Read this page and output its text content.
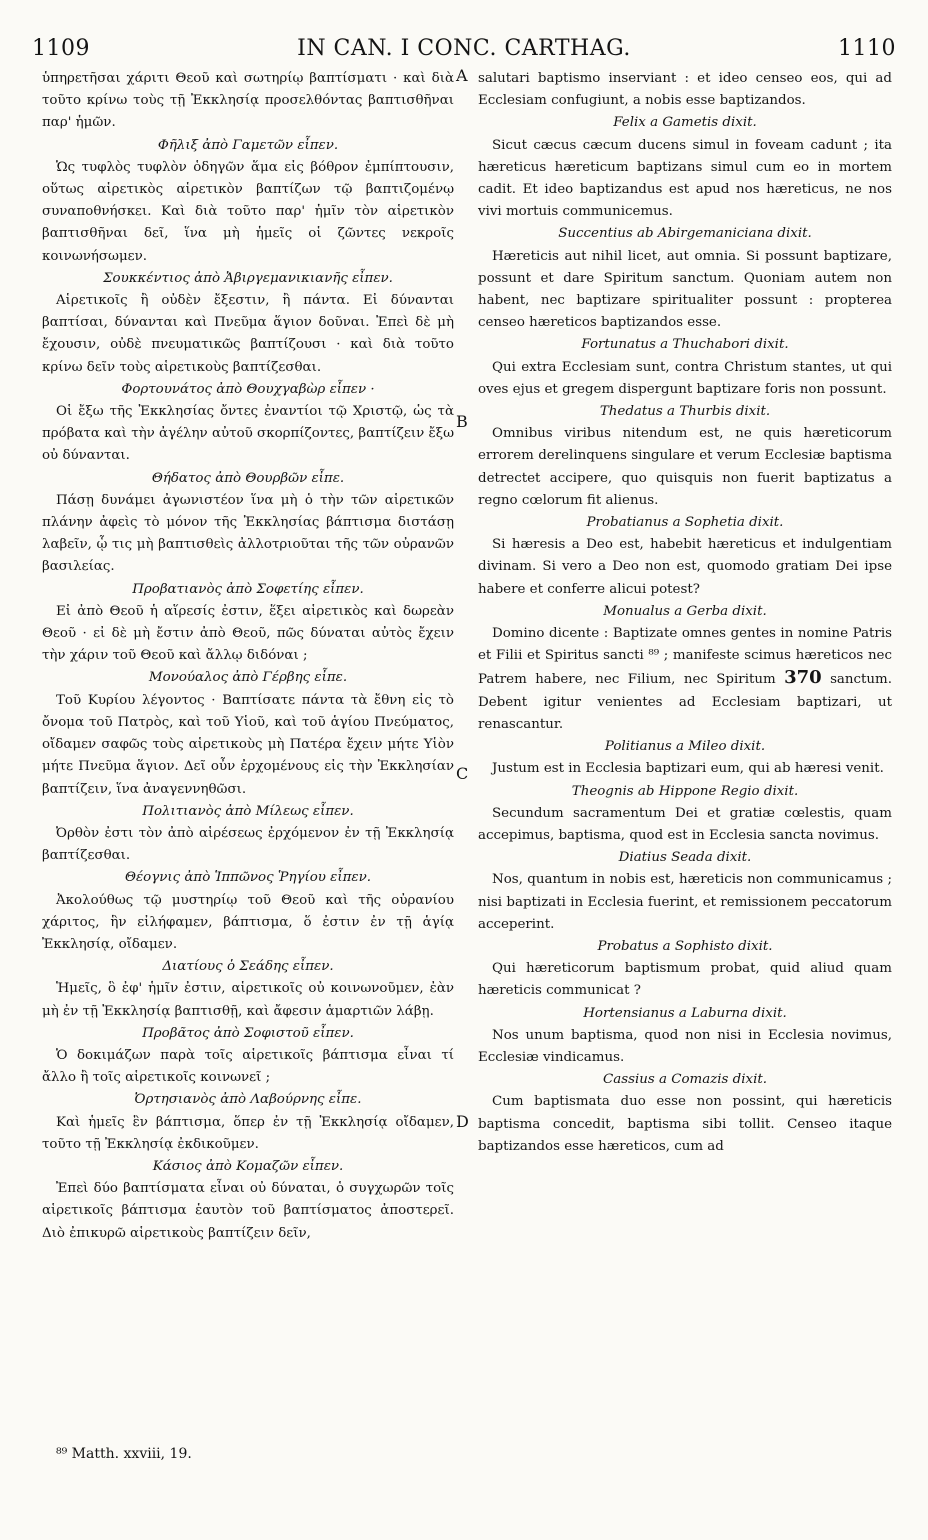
1109	IN CAN. I CONC. CARTHAG.	1110
ὑπηρετῆσαι χάριτι Θεοῦ καὶ σωτηρίῳ βαπτίσματι · καὶ διὰ τοῦτο κρίνω τοὺς τῇ Ἐκκλησίᾳ προσελθόντας βαπτισθῆναι παρ' ἡμῶν.
Φῆλιξ ἀπὸ Γαμετῶν εἶπεν.
Ὡς τυφλὸς τυφλὸν ὁδηγῶν ἅμα εἰς βόθρον ἐμπίπτουσιν, οὕτως αἱρετικὸς αἱρετικὸν βαπτίζων τῷ βαπτιζομένῳ συναποθνήσκει. Καὶ διὰ τοῦτο παρ' ἡμῖν τὸν αἱρετικὸν βαπτισθῆναι δεῖ, ἵνα μὴ ἡμεῖς οἱ ζῶντες νεκροῖς κοινωνήσωμεν.
Σουκκέντιος ἀπὸ Ἀβιργεμανικιανῆς εἶπεν.
Αἱρετικοῖς ἢ οὐδὲν ἔξεστιν, ἢ πάντα. Εἰ δύνανται βαπτίσαι, δύνανται καὶ Πνεῦμα ἅγιον δοῦναι. Ἐπεὶ δὲ μὴ ἔχουσιν, οὐδὲ πνευματικῶς βαπτίζουσι · καὶ διὰ τοῦτο κρίνω δεῖν τοὺς αἱρετικοὺς βαπτίζεσθαι.
Φορτουνάτος ἀπὸ Θουχγαβὼρ εἶπεν ·
Οἱ ἔξω τῆς Ἐκκλησίας ὄντες ἐναντίοι τῷ Χριστῷ, ὡς τὰ πρόβατα καὶ τὴν ἀγέλην αὐτοῦ σκορπίζοντες, βαπτίζειν ἔξω οὐ δύνανται.
Θήδατος ἀπὸ Θουρβῶν εἶπε.
Πάσῃ δυνάμει ἀγωνιστέον ἵνα μὴ ὁ τὴν τῶν αἱρετικῶν πλάνην ἀφεὶς τὸ μόνον τῆς Ἐκκλησίας βάπτισμα διστάσῃ λαβεῖν, ᾧ τις μὴ βαπτισθεὶς ἀλλοτριοῦται τῆς τῶν οὐρανῶν βασιλείας.
Προβατιανὸς ἀπὸ Σοφετίης εἶπεν.
Εἰ ἀπὸ Θεοῦ ἡ αἵρεσίς ἐστιν, ἕξει αἱρετικὸς καὶ δωρεὰν Θεοῦ · εἰ δὲ μὴ ἔστιν ἀπὸ Θεοῦ, πῶς δύναται αὐτὸς ἔχειν τὴν χάριν τοῦ Θεοῦ καὶ ἄλλῳ διδόναι ;
Μονούαλος ἀπὸ Γέρβης εἶπε.
Τοῦ Κυρίου λέγοντος · Βαπτίσατε πάντα τὰ ἔθνη εἰς τὸ ὄνομα τοῦ Πατρὸς, καὶ τοῦ Υἱοῦ, καὶ τοῦ ἁγίου Πνεύματος, οἴδαμεν σαφῶς τοὺς αἱρετικοὺς μὴ Πατέρα ἔχειν μήτε Υἱὸν μήτε Πνεῦμα ἅγιον. Δεῖ οὖν ἐρχομένους εἰς τὴν Ἐκκλησίαν βαπτίζειν, ἵνα ἀναγεννηθῶσι.
Πολιτιανὸς ἀπὸ Μίλεως εἶπεν.
Ὀρθὸν ἐστι τὸν ἀπὸ αἱρέσεως ἐρχόμενον ἐν τῇ Ἐκκλησίᾳ βαπτίζεσθαι.
Θέογνις ἀπὸ Ἱππῶνος Ῥηγίου εἶπεν.
Ἀκολούθως τῷ μυστηρίῳ τοῦ Θεοῦ καὶ τῆς οὐρανίου χάριτος, ἣν εἰλήφαμεν, βάπτισμα, ὅ ἐστιν ἐν τῇ ἁγίᾳ Ἐκκλησίᾳ, οἴδαμεν.
Διατίους ὁ Σεάδης εἶπεν.
Ἡμεῖς, ὃ ἐφ' ἡμῖν ἐστιν, αἱρετικοῖς οὐ κοινωνοῦμεν, ἐὰν μὴ ἐν τῇ Ἐκκλησίᾳ βαπτισθῇ, καὶ ἄφεσιν ἁμαρτιῶν λάβῃ.
Προβᾶτος ἀπὸ Σοφιστοῦ εἶπεν.
Ὁ δοκιμάζων παρὰ τοῖς αἱρετικοῖς βάπτισμα εἶναι τί ἄλλο ἢ τοῖς αἱρετικοῖς κοινωνεῖ ;
Ὀρτησιανὸς ἀπὸ Λαβούρνης εἶπε.
Καὶ ἡμεῖς ἓν βάπτισμα, ὅπερ ἐν τῇ Ἐκκλησίᾳ οἴδαμεν, τοῦτο τῇ Ἐκκλησίᾳ ἐκδικοῦμεν.
Κάσιος ἀπὸ Κομαζῶν εἶπεν.
Ἐπεὶ δύο βαπτίσματα εἶναι οὐ δύναται, ὁ συγχωρῶν τοῖς αἱρετικοῖς βάπτισμα ἑαυτὸν τοῦ βαπτίσματος ἀποστερεῖ. Διὸ ἐπικυρῶ αἱρετικοὺς βαπτίζειν δεῖν,
salutari baptismo inserviant : et ideo censeo eos, qui ad Ecclesiam confugiunt, a nobis esse baptizandos.
Felix a Gametis dixit.
Sicut cæcus cæcum ducens simul in foveam cadunt ; ita hæreticus hæreticum baptizans simul cum eo in mortem cadit. Et ideo baptizandus est apud nos hæreticus, ne nos vivi mortuis communicemus.
Succentius ab Abirgemaniciana dixit.
Hæreticis aut nihil licet, aut omnia. Si possunt baptizare, possunt et dare Spiritum sanctum. Quoniam autem non habent, nec baptizare spiritualiter possunt : propterea censeo hæreticos baptizandos esse.
Fortunatus a Thuchabori dixit.
Qui extra Ecclesiam sunt, contra Christum stantes, ut qui oves ejus et gregem dispergunt baptizare foris non possunt.
Thedatus a Thurbis dixit.
Omnibus viribus nitendum est, ne quis hæreticorum errorem derelinquens singulare et verum Ecclesiæ baptisma detrectet accipere, quo quisquis non fuerit baptizatus a regno cœlorum fit alienus.
Probatianus a Sophetia dixit.
Si hæresis a Deo est, habebit hæreticus et indulgentiam divinam. Si vero a Deo non est, quomodo gratiam Dei ipse habere et conferre alicui potest?
Monualus a Gerba dixit.
Domino dicente : Baptizate omnes gentes in nomine Patris et Filii et Spiritus sancti ⁸⁹ ; manifeste scimus hæreticos nec Patrem habere, nec Filium, nec Spiritum 370 sanctum. Debent igitur venientes ad Ecclesiam baptizari, ut renascantur.
Politianus a Mileo dixit.
Justum est in Ecclesia baptizari eum, qui ab hæresi venit.
Theognis ab Hippone Regio dixit.
Secundum sacramentum Dei et gratiæ cœlestis, quam accepimus, baptisma, quod est in Ecclesia sancta novimus.
Diatius Seada dixit.
Nos, quantum in nobis est, hæreticis non communicamus ; nisi baptizati in Ecclesia fuerint, et remissionem peccatorum acceperint.
Probatus a Sophisto dixit.
Qui hæreticorum baptismum probat, quid aliud quam hæreticis communicat ?
Hortensianus a Laburna dixit.
Nos unum baptisma, quod non nisi in Ecclesia novimus, Ecclesiæ vindicamus.
Cassius a Comazis dixit.
Cum baptismata duo esse non possint, qui hæreticis baptisma concedit, baptisma sibi tollit. Censeo itaque baptizandos esse hæreticos, cum ad
A
B
C
D
⁸⁹ Matth. xxviii, 19.
